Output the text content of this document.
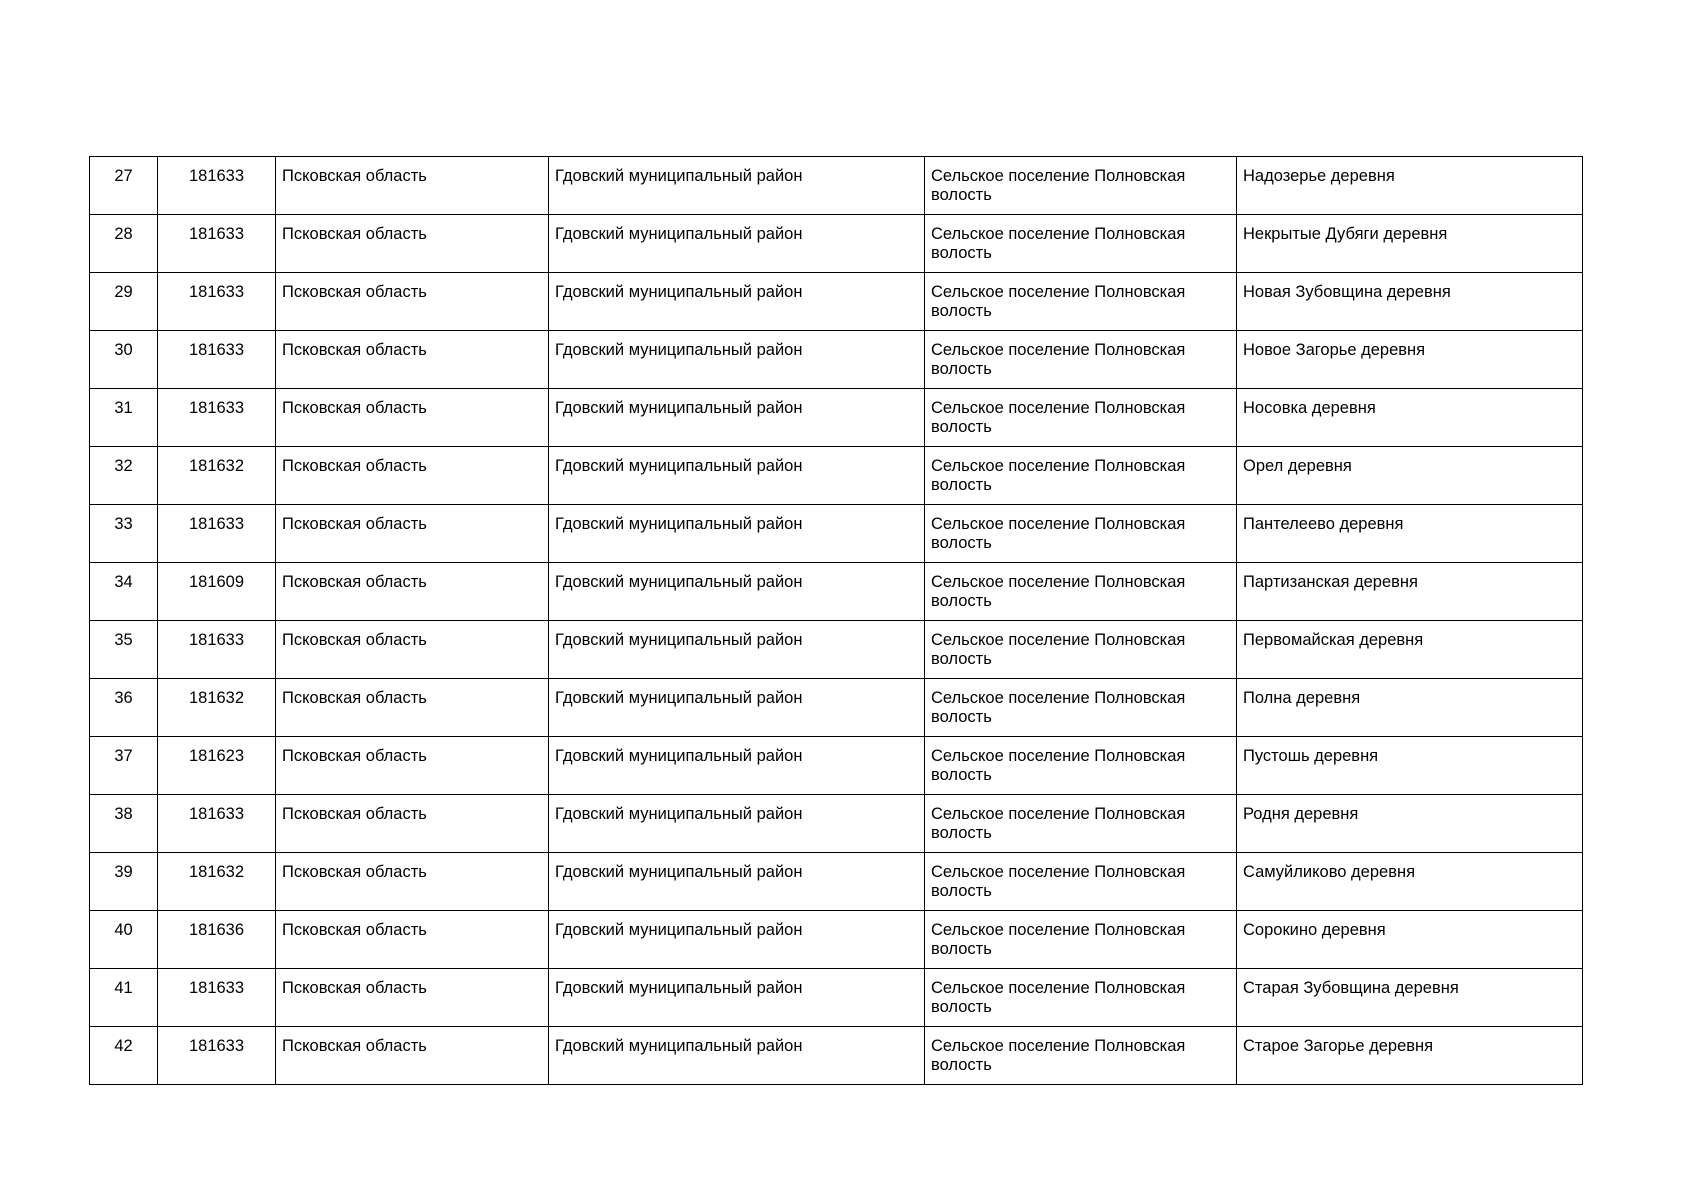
27	181633	Псковская область	Гдовский муниципальный район	Сельское поселение Полновская волость	Надозерье деревня
28	181633	Псковская область	Гдовский муниципальный район	Сельское поселение Полновская волость	Некрытые Дубяги деревня
29	181633	Псковская область	Гдовский муниципальный район	Сельское поселение Полновская волость	Новая Зубовщина деревня
30	181633	Псковская область	Гдовский муниципальный район	Сельское поселение Полновская волость	Новое Загорье деревня
31	181633	Псковская область	Гдовский муниципальный район	Сельское поселение Полновская волость	Носовка деревня
32	181632	Псковская область	Гдовский муниципальный район	Сельское поселение Полновская волость	Орел деревня
33	181633	Псковская область	Гдовский муниципальный район	Сельское поселение Полновская волость	Пантелеево деревня
34	181609	Псковская область	Гдовский муниципальный район	Сельское поселение Полновская волость	Партизанская деревня
35	181633	Псковская область	Гдовский муниципальный район	Сельское поселение Полновская волость	Первомайская деревня
36	181632	Псковская область	Гдовский муниципальный район	Сельское поселение Полновская волость	Полна деревня
37	181623	Псковская область	Гдовский муниципальный район	Сельское поселение Полновская волость	Пустошь деревня
38	181633	Псковская область	Гдовский муниципальный район	Сельское поселение Полновская волость	Родня деревня
39	181632	Псковская область	Гдовский муниципальный район	Сельское поселение Полновская волость	Самуйликово деревня
40	181636	Псковская область	Гдовский муниципальный район	Сельское поселение Полновская волость	Сорокино деревня
41	181633	Псковская область	Гдовский муниципальный район	Сельское поселение Полновская волость	Старая Зубовщина деревня
42	181633	Псковская область	Гдовский муниципальный район	Сельское поселение Полновская волость	Старое Загорье деревня
